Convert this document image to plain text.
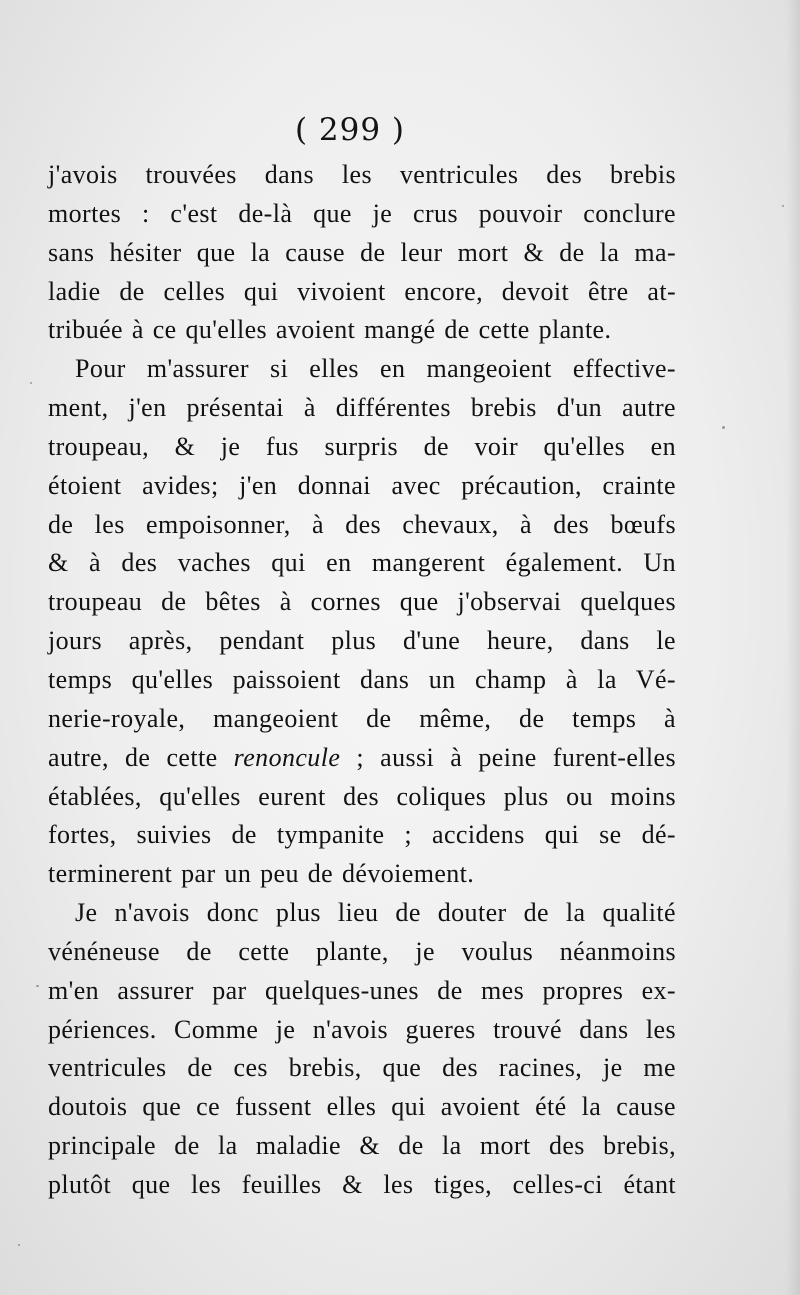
( 299 )
j'avois trouvées dans les ventricules des brebis
mortes : c'est de-là que je crus pouvoir conclure
sans hésiter que la cause de leur mort & de la ma-
ladie de celles qui vivoient encore, devoit être at-
tribuée à ce qu'elles avoient mangé de cette plante.
Pour m'assurer si elles en mangeoient effective-
ment, j'en présentai à différentes brebis d'un autre
troupeau, & je fus surpris de voir qu'elles en
étoient avides; j'en donnai avec précaution, crainte
de les empoisonner, à des chevaux, à des bœufs
& à des vaches qui en mangerent également. Un
troupeau de bêtes à cornes que j'observai quelques
jours après, pendant plus d'une heure, dans le
temps qu'elles paissoient dans un champ à la Vé-
nerie-royale, mangeoient de même, de temps à
autre, de cette renoncule ; aussi à peine furent-elles
établées, qu'elles eurent des coliques plus ou moins
fortes, suivies de tympanite ; accidens qui se dé-
terminerent par un peu de dévoiement.
Je n'avois donc plus lieu de douter de la qualité
vénéneuse de cette plante, je voulus néanmoins
m'en assurer par quelques-unes de mes propres ex-
périences. Comme je n'avois gueres trouvé dans les
ventricules de ces brebis, que des racines, je me
doutois que ce fussent elles qui avoient été la cause
principale de la maladie & de la mort des brebis,
plutôt que les feuilles & les tiges, celles-ci étant
